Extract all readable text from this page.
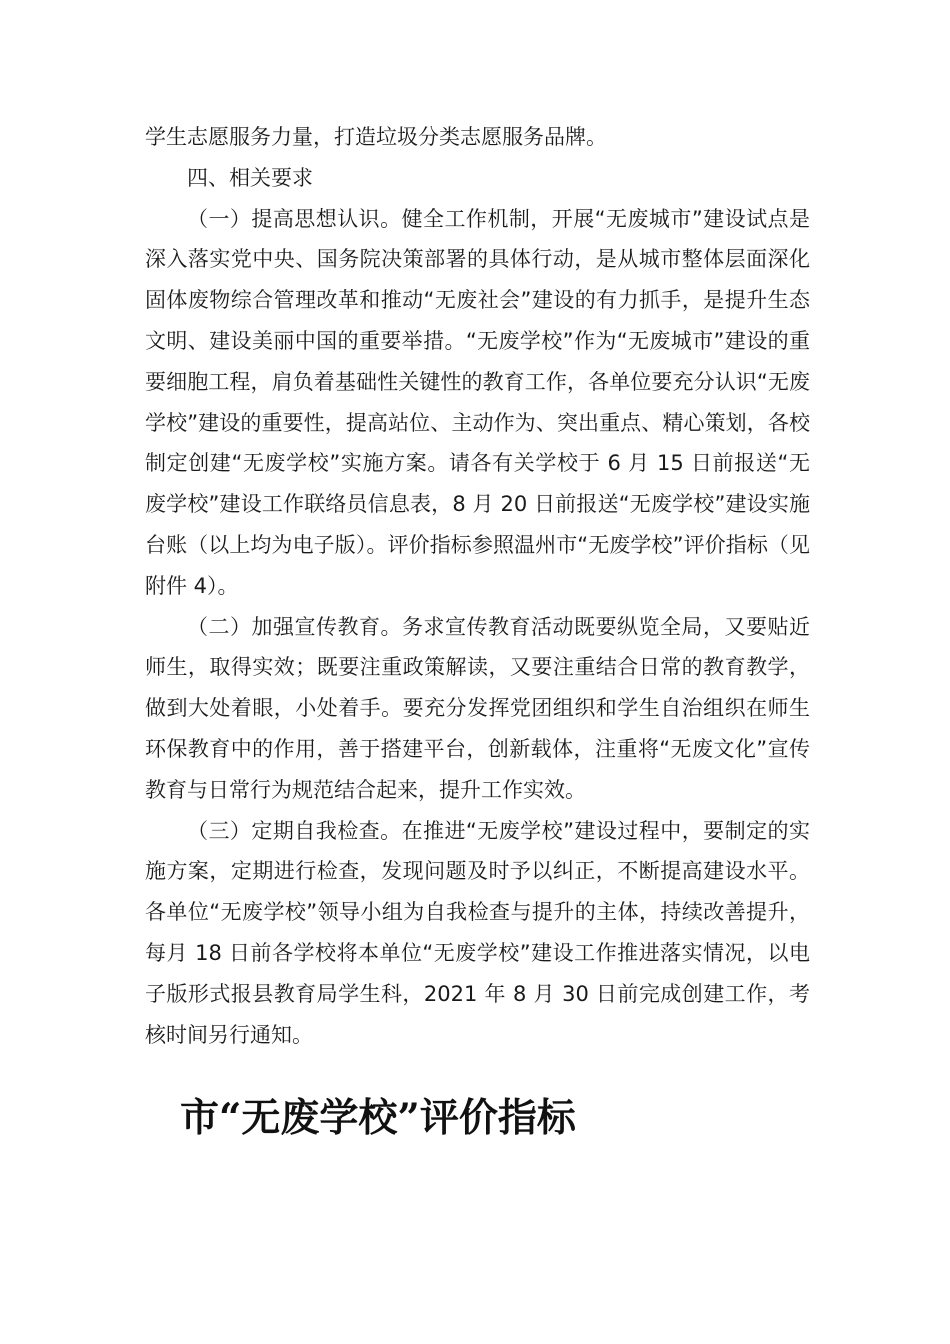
学生志愿服务力量，打造垃圾分类志愿服务品牌。

四、相关要求

（一）提高思想认识。健全工作机制，开展“无废城市”建设试点是深入落实党中央、国务院决策部署的具体行动，是从城市整体层面深化固体废物综合管理改革和推动“无废社会”建设的有力抓手，是提升生态文明、建设美丽中国的重要举措。“无废学校”作为“无废城市”建设的重要细胞工程，肩负着基础性关键性的教育工作，各单位要充分认识“无废学校”建设的重要性，提高站位、主动作为、突出重点、精心策划，各校制定创建“无废学校”实施方案。请各有关学校于 6 月 15 日前报送“无废学校”建设工作联络员信息表，8 月 20 日前报送“无废学校”建设实施台账（以上均为电子版）。评价指标参照温州市“无废学校”评价指标（见附件 4）。

（二）加强宣传教育。务求宣传教育活动既要纵览全局，又要贴近师生，取得实效；既要注重政策解读，又要注重结合日常的教育教学，做到大处着眼，小处着手。要充分发挥党团组织和学生自治组织在师生环保教育中的作用，善于搭建平台，创新载体，注重将“无废文化”宣传教育与日常行为规范结合起来，提升工作实效。

（三）定期自我检查。在推进“无废学校”建设过程中，要制定的实施方案，定期进行检查，发现问题及时予以纠正，不断提高建设水平。各单位“无废学校”领导小组为自我检查与提升的主体，持续改善提升，每月 18 日前各学校将本单位“无废学校”建设工作推进落实情况，以电子版形式报县教育局学生科，2021 年 8 月 30 日前完成创建工作，考核时间另行通知。

市“无废学校”评价指标
